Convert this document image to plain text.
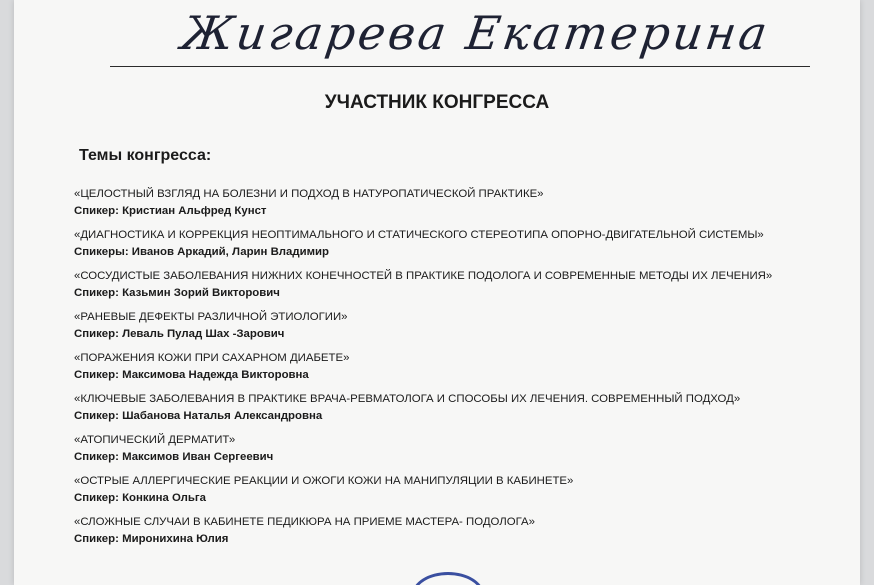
Жигарева Екатерина
УЧАСТНИК КОНГРЕССА
Темы конгресса:
«ЦЕЛОСТНЫЙ ВЗГЛЯД НА БОЛЕЗНИ И ПОДХОД В НАТУРОПАТИЧЕСКОЙ ПРАКТИКЕ»
Спикер: Кристиан Альфред Кунст
«ДИАГНОСТИКА И КОРРЕКЦИЯ НЕОПТИМАЛЬНОГО И СТАТИЧЕСКОГО СТЕРЕОТИПА ОПОРНО-ДВИГАТЕЛЬНОЙ СИСТЕМЫ»
Спикеры: Иванов Аркадий, Ларин Владимир
«СОСУДИСТЫЕ ЗАБОЛЕВАНИЯ НИЖНИХ КОНЕЧНОСТЕЙ В ПРАКТИКЕ ПОДОЛОГА И СОВРЕМЕННЫЕ МЕТОДЫ ИХ ЛЕЧЕНИЯ»
Спикер: Казьмин Зорий Викторович
«РАНЕВЫЕ ДЕФЕКТЫ РАЗЛИЧНОЙ ЭТИОЛОГИИ»
Спикер: Леваль Пулад Шах -Зарович
«ПОРАЖЕНИЯ КОЖИ ПРИ САХАРНОМ ДИАБЕТЕ»
Спикер: Максимова Надежда Викторовна
«КЛЮЧЕВЫЕ ЗАБОЛЕВАНИЯ В ПРАКТИКЕ ВРАЧА-РЕВМАТОЛОГА И СПОСОБЫ ИХ ЛЕЧЕНИЯ. СОВРЕМЕННЫЙ ПОДХОД»
Спикер: Шабанова Наталья Александровна
«АТОПИЧЕСКИЙ ДЕРМАТИТ»
Спикер: Максимов Иван Сергеевич
«ОСТРЫЕ АЛЛЕРГИЧЕСКИЕ РЕАКЦИИ И ОЖОГИ КОЖИ НА МАНИПУЛЯЦИИ В КАБИНЕТЕ»
Спикер: Конкина Ольга
«СЛОЖНЫЕ СЛУЧАИ В КАБИНЕТЕ ПЕДИКЮРА НА ПРИЕМЕ МАСТЕРА- ПОДОЛОГА»
Спикер: Миронихина Юлия
